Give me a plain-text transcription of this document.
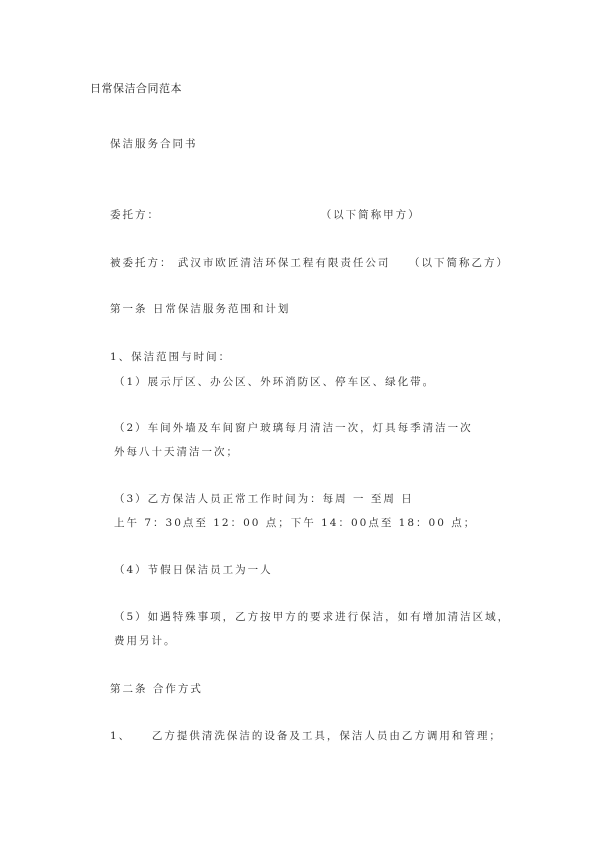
日常保洁合同范本
保洁服务合同书
委托方：	（以下简称甲方）
被委托方： 武汉市欧匠清洁环保工程有限责任公司 （以下简称乙方）
第一条 日常保洁服务范围和计划
1、保洁范围与时间：
（1）展示厅区、办公区、外环消防区、停车区、绿化带。
（2）车间外墙及车间窗户玻璃每月清洁一次，灯具每季清洁一次
外每八十天清洁一次；
（3）乙方保洁人员正常工作时间为：每周 一 至周 日
上午 7：30点至 12：00 点；下午 14：00点至 18：00 点；
（4）节假日保洁员工为一人
（5）如遇特殊事项，乙方按甲方的要求进行保洁，如有增加清洁区域，
费用另计。
第二条 合作方式
1、 乙方提供清洗保洁的设备及工具，保洁人员由乙方调用和管理；
